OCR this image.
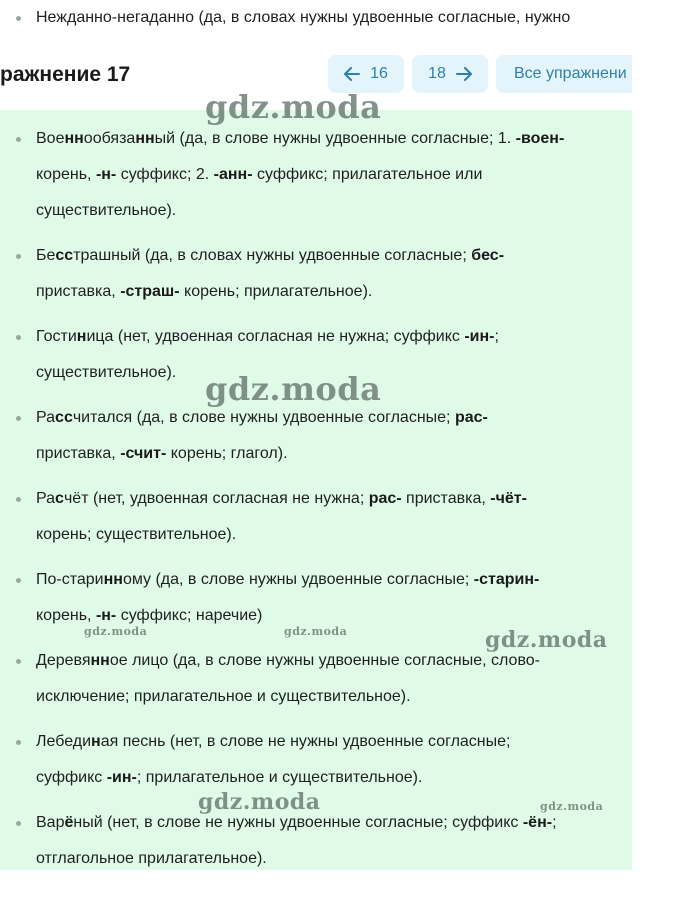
Нежданно-негаданно (да, в словах нужны удвоенные согласные, нужно
ражнение 17	16	18	Все упражнени
Военнообязанный (да, в слове нужны удвоенные согласные; 1. -воен-
корень, -н- суффикс; 2. -анн- суффикс; прилагательное или
существительное).
Бесстрашный (да, в словах нужны удвоенные согласные; бес-
приставка, -страш- корень; прилагательное).
Гостиница (нет, удвоенная согласная не нужна; суффикс -ин-;
существительное).
Рассчитался (да, в слове нужны удвоенные согласные; рас-
приставка, -счит- корень; глагол).
Расчёт (нет, удвоенная согласная не нужна; рас- приставка, -чёт-
корень; существительное).
По-старинному (да, в слове нужны удвоенные согласные; -старин-
корень, -н- суффикс; наречие)
Деревянное лицо (да, в слове нужны удвоенные согласные, слово-
исключение; прилагательное и существительное).
Лебединая песнь (нет, в слове не нужны удвоенные согласные;
суффикс -ин-; прилагательное и существительное).
Варёный (нет, в слове не нужны удвоенные согласные; суффикс -ён-;
отглагольное прилагательное).
gdz.moda
gdz.moda
gdz.moda
gdz.moda
gdz.moda	gdz.moda
gdz.moda
